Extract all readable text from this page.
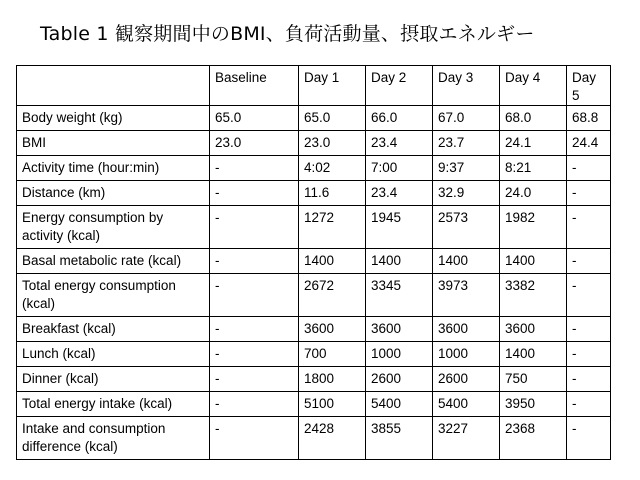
Table 1 観察期間中のBMI、負荷活動量、摂取エネルギー
	Baseline	Day 1	Day 2	Day 3	Day 4	Day 5
Body weight (kg)	65.0	65.0	66.0	67.0	68.0	68.8
BMI	23.0	23.0	23.4	23.7	24.1	24.4
Activity time (hour:min)	-	4:02	7:00	9:37	8:21	-
Distance (km)	-	11.6	23.4	32.9	24.0	-
Energy consumption by activity (kcal)	-	1272	1945	2573	1982	-
Basal metabolic rate (kcal)	-	1400	1400	1400	1400	-
Total energy consumption (kcal)	-	2672	3345	3973	3382	-
Breakfast (kcal)	-	3600	3600	3600	3600	-
Lunch (kcal)	-	700	1000	1000	1400	-
Dinner (kcal)	-	1800	2600	2600	750	-
Total energy intake (kcal)	-	5100	5400	5400	3950	-
Intake and consumption difference (kcal)	-	2428	3855	3227	2368	-
